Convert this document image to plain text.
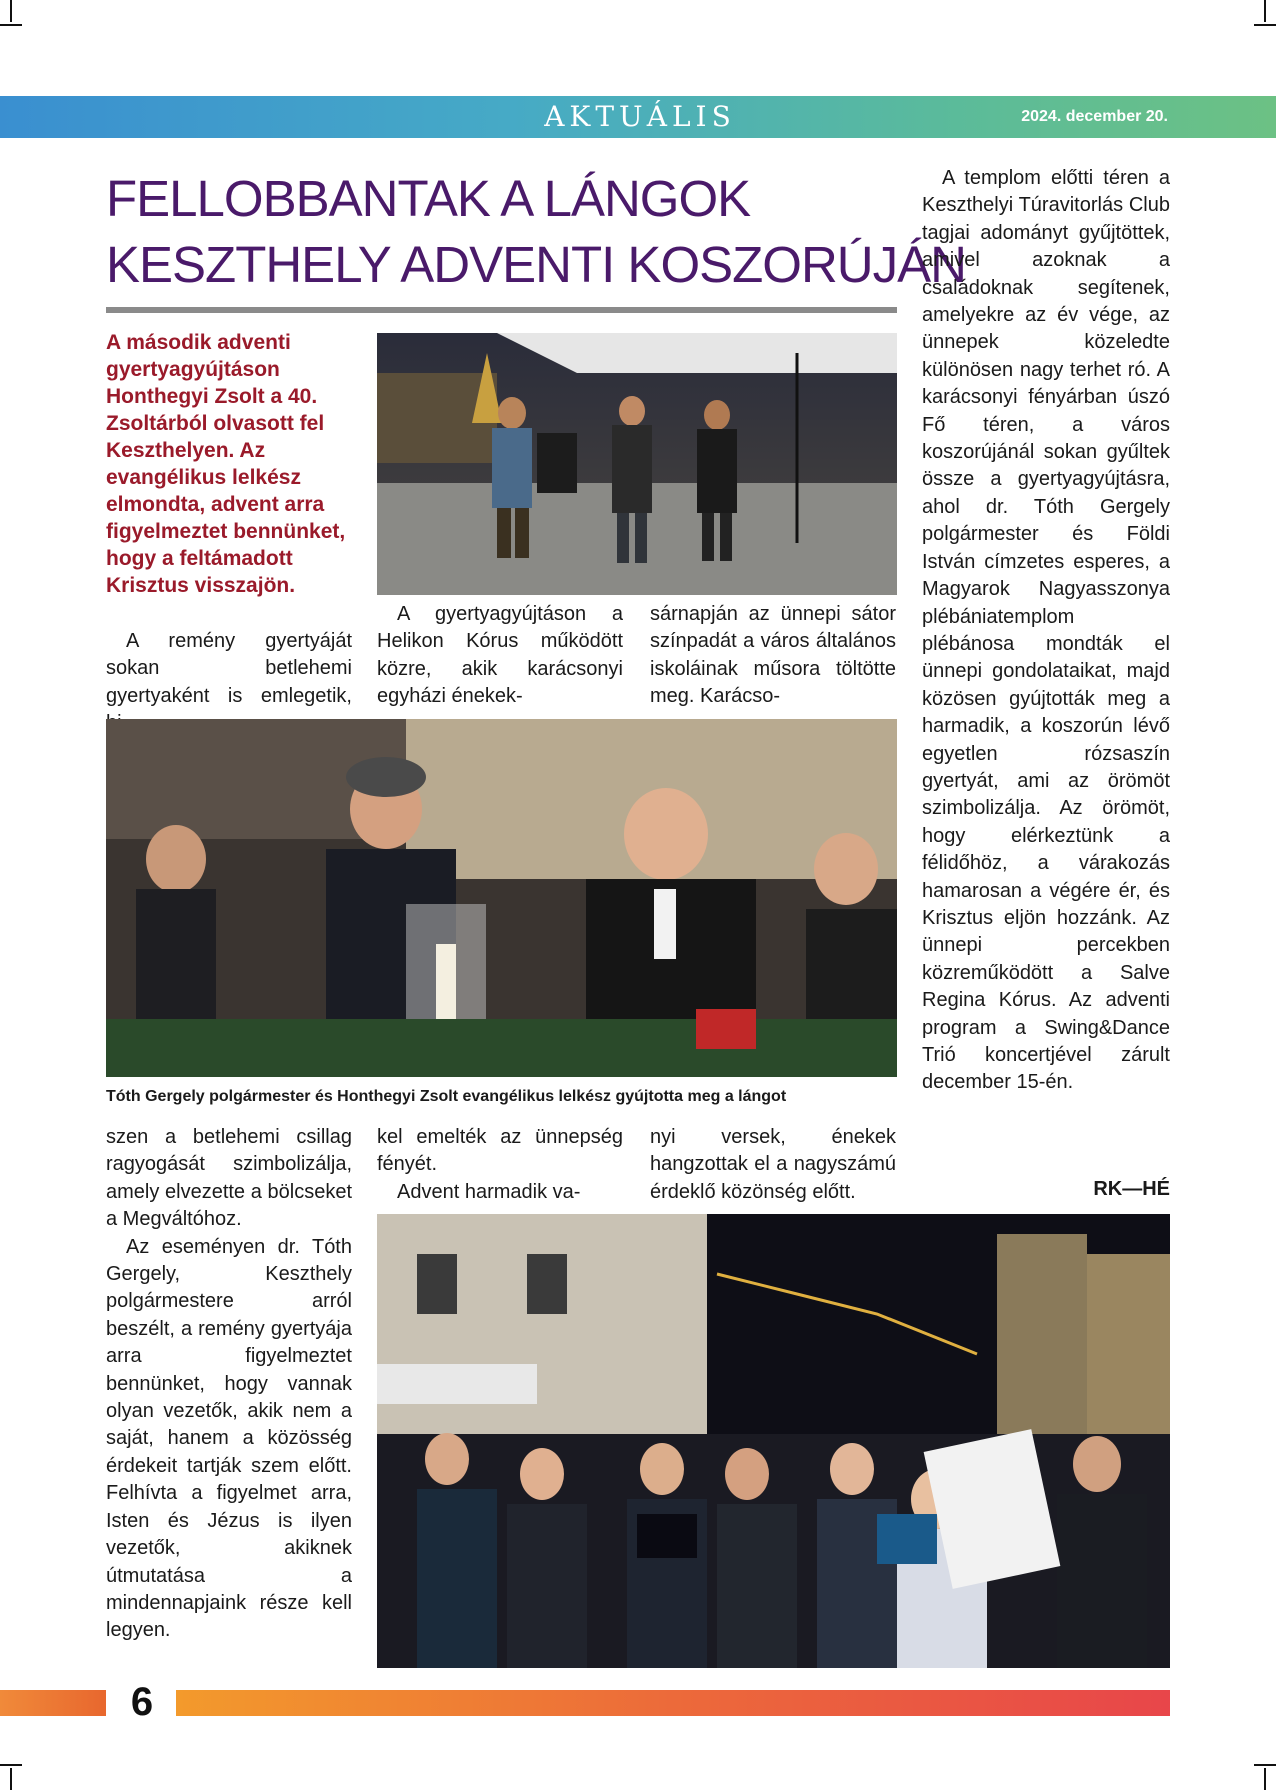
AKTUÁLIS	2024. december 20.
FELLOBBANTAK A LÁNGOK
KESZTHELY ADVENTI KOSZORÚJÁN
A második adventi gyertyagyújtáson Honthegyi Zsolt a 40. Zsoltárból olvasott fel Keszthelyen. Az evangélikus lelkész elmondta, advent arra figyelmeztet bennünket, hogy a feltámadott Krisztus visszajön.

A remény gyertyáját sokan betlehemi gyertyaként is emlegetik,

A gyertyagyújtáson a Helikon Kórus működött közre, akik karácsonyi egyházi énekek-

sárnapján az ünnepi sátor színpadát a város általános iskoláinak műsora töltötte meg. Karácso-

Tóth Gergely polgármester és Honthegyi Zsolt evangélikus lelkész gyújtotta meg a lángot

szen a betlehemi csillag ragyogását szimbolizálja, amely elvezette a bölcseket a Megváltóhoz.

Az eseményen dr. Tóth Gergely, Keszthely polgármestere arról beszélt, a remény gyertyája arra figyelmeztet bennünket, hogy vannak olyan vezetők, akik nem a saját, hanem a közösség érdekeit tartják szem előtt. Felhívta a figyelmet arra, Isten és Jézus is ilyen vezetők, akiknek útmutatása a mindennapjaink része kell legyen.

kel emelték az ünnepség fényét.

Advent harmadik va-

nyi versek, énekek hangzottak el a nagyszámú érdeklő közönség előtt.

A templom előtti téren a Keszthelyi Túravitorlás Club tagjai adományt gyűjtöttek, amivel azoknak a családoknak segítenek, amelyekre az év vége, az ünnepek közeledte különösen nagy terhet ró. A karácsonyi fényárban úszó Fő téren, a város koszorújánál sokan gyűltek össze a gyertyagyújtásra, ahol dr. Tóth Gergely polgármester és Földi István címzetes esperes, a Magyarok Nagyasszonya plébániatemplom plébánosa mondták el ünnepi gondolataikat, majd közösen gyújtották meg a harmadik, a koszorún lévő egyetlen rózsaszín gyertyát, ami az örömöt szimbolizálja. Az örömöt, hogy elérkeztünk a félidőhöz, a várakozás hamarosan a végére ér, és Krisztus eljön hozzánk. Az ünnepi percekben közreműködött a Salve Regina Kórus. Az adventi program a Swing&Dance Trió koncertjével zárult december 15-én.

RK—HÉ
6
